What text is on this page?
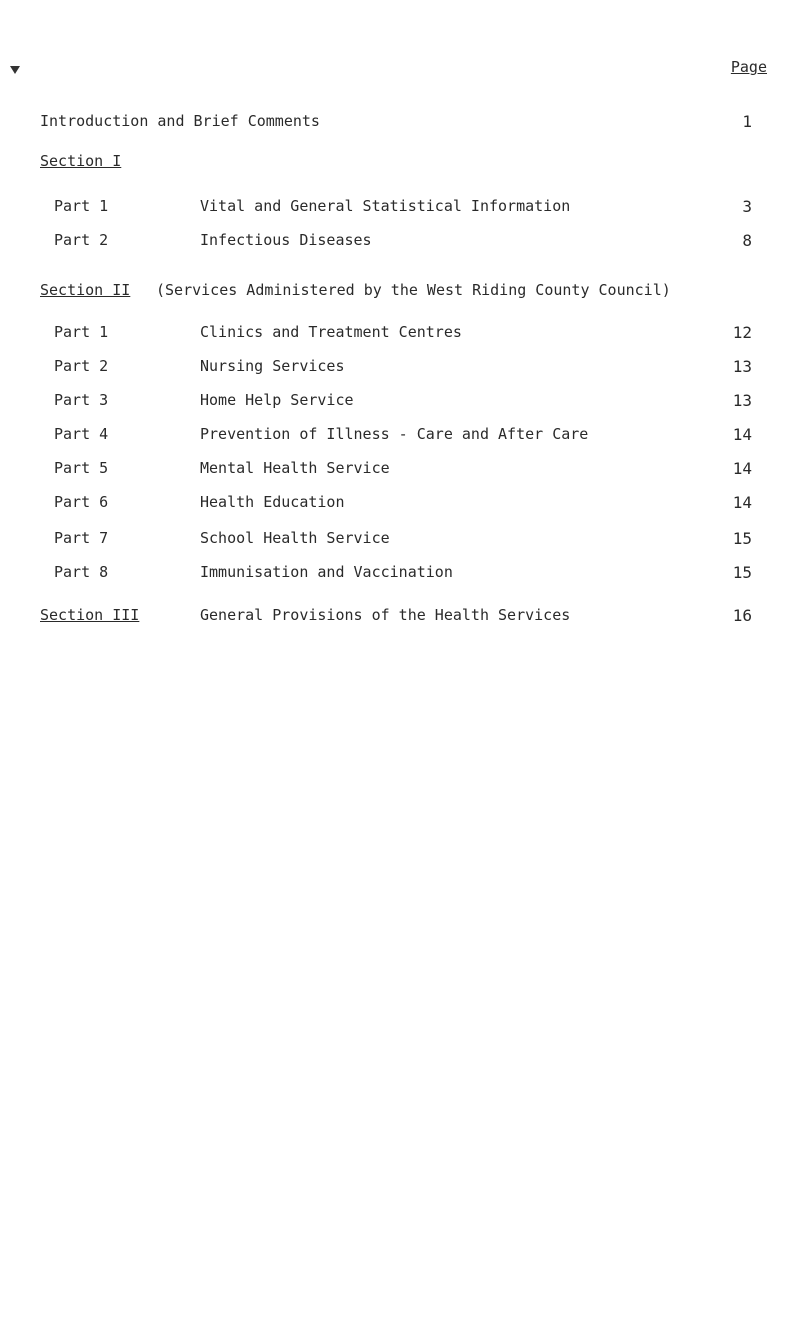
Page
Introduction and Brief Comments	1
Section I
Part 1	Vital and General Statistical Information	3
Part 2	Infectious Diseases	8
Section II (Services Administered by the West Riding County Council)
Part 1	Clinics and Treatment Centres	12
Part 2	Nursing Services	13
Part 3	Home Help Service	13
Part 4	Prevention of Illness - Care and After Care	14
Part 5	Mental Health Service	14
Part 6	Health Education	14
Part 7	School Health Service	15
Part 8	Immunisation and Vaccination	15
Section III	General Provisions of the Health Services	16
